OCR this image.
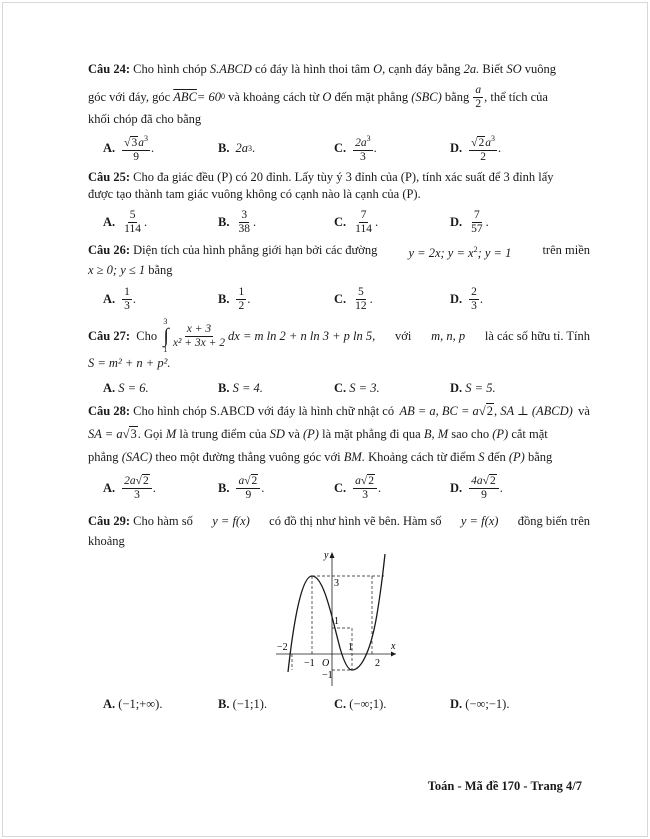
Câu 24: Cho hình chóp S.ABCD có đáy là hình thoi tâm O, cạnh đáy bằng 2a. Biết SO vuông
góc với đáy, góc
$\overline{ABC} = 60$ 0
và khoảng cách từ
O
đến mặt phẳng
(SBC)
bằng
$\frac{a}{2}$ , thể tích của
khối chóp đã cho bằng
A. $\frac{√3a^3}{9}$ .	B. 2a 3 .	C. $\frac{2a^3}{3}$ .	D. $\frac{√2a^3}{2}$ .
Câu 25: Cho đa giác đều (P) có 20 đỉnh. Lấy tùy ý 3 đỉnh của (P), tính xác suất để 3 đỉnh lấy
được tạo thành tam giác vuông không có cạnh nào là cạnh của (P).
A. $\frac{5}{114}$ .	B. $\frac{3}{38}$ .	C. $\frac{7}{114}$ .	D. $\frac{7}{57}$ .
Câu 26: Diện tích của hình phẳng giới hạn bởi các đường y = 2x; $y = x^2$; y = 1 trên miền
x ≥ 0; y ≤ 1 bằng
A. $\frac{1}{3}$ .	B. $\frac{1}{2}$ .	C. $\frac{5}{12}$ .	D. $\frac{2}{3}$ .
Câu 27:
Cho

3
∫
$1 \frac{x + 3}{\text{x² + 3x + 2}}$ dx = m ln 2 + n ln 3 + p ln 5, với m, n, p là các số hữu tỉ. Tính
S = m² + n + p².
A. S = 6.	B. S = 4.	C. S = 3.	D. S = 5.
Câu 28: Cho hình chóp S.ABCD với đáy là hình chữ nhật có AB = a, BC = a√2, SA ⊥ (ABCD) và
SA = a√3. Gọi M là trung điểm của SD và (P) là mặt phẳng đi qua B, M sao cho (P) cắt mặt
phẳng (SAC) theo một đường thẳng vuông góc với BM. Khoảng cách từ điểm S đến (P) bằng
A. $\frac{2a√2}{3}$ .	B. $\frac{a√2}{9}$ .	C. $\frac{a√2}{3}$ .	D. $\frac{4a√2}{9}$ .
Câu 29: Cho hàm số y = f(x) có đồ thị như hình vẽ bên. Hàm số y = f(x) đồng biến trên
khoảng
y
x
O
3
1
−2
−1
1
2
−1
A. (−1;+∞).	B. (−1;1).	C. (−∞;1).	D. (−∞;−1).
Toán - Mã đề 170 - Trang 4/7
